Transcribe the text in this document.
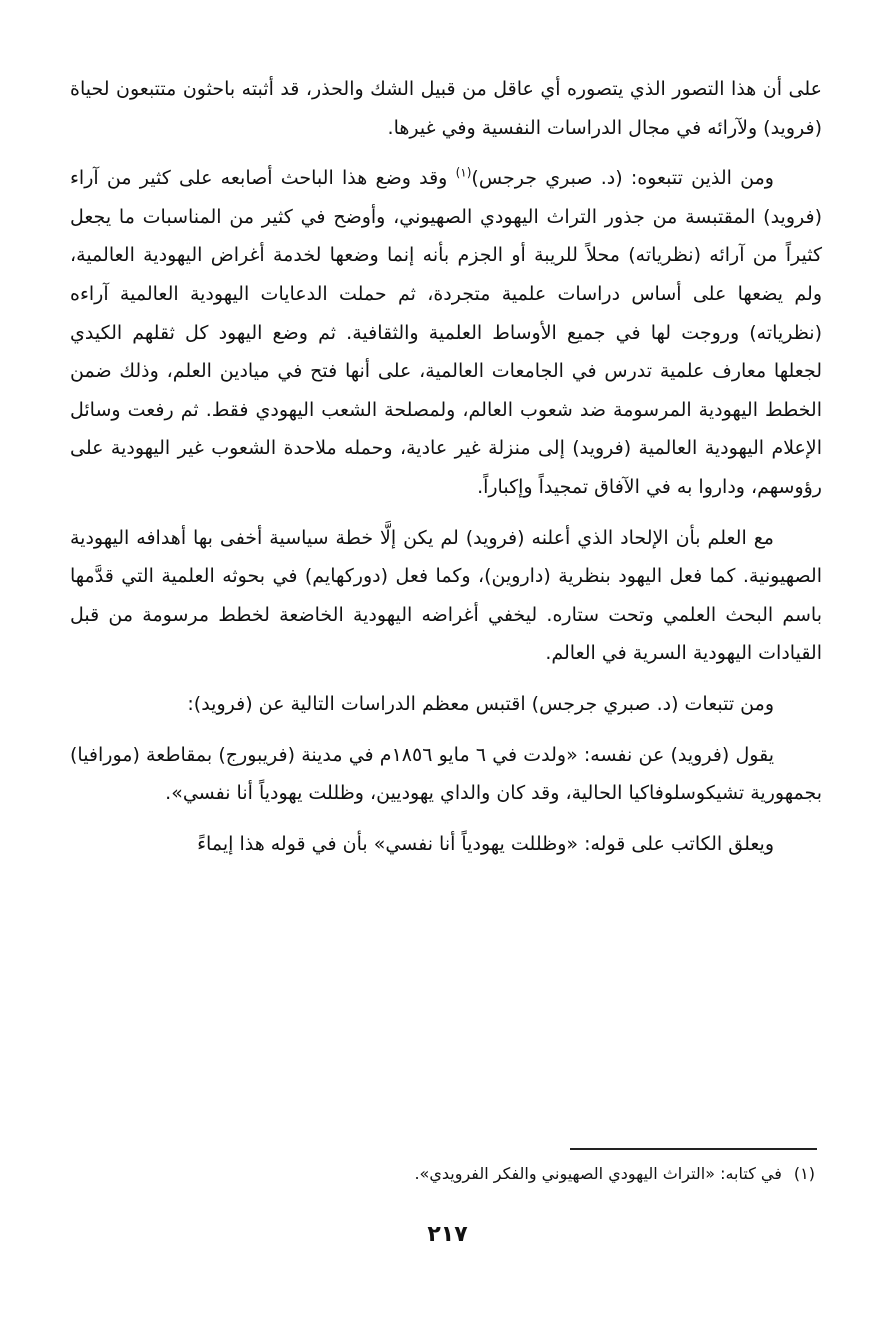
على أن هذا التصور الذي يتصوره أي عاقل من قبيل الشك والحذر، قد أثبته باحثون متتبعون لحياة (فرويد) ولآرائه في مجال الدراسات النفسية وفي غيرها.

ومن الذين تتبعوه: (د. صبري جرجس)$^{(١)}$ وقد وضع هذا الباحث أصابعه على كثير من آراء (فرويد) المقتبسة من جذور التراث اليهودي الصهيوني، وأوضح في كثير من المناسبات ما يجعل كثيراً من آرائه (نظرياته) محلاً للريبة أو الجزم بأنه إنما وضعها لخدمة أغراض اليهودية العالمية، ولم يضعها على أساس دراسات علمية متجردة، ثم حملت الدعايات اليهودية العالمية آراءه (نظرياته) وروجت لها في جميع الأوساط العلمية والثقافية. ثم وضع اليهود كل ثقلهم الكيدي لجعلها معارف علمية تدرس في الجامعات العالمية، على أنها فتح في ميادين العلم، وذلك ضمن الخطط اليهودية المرسومة ضد شعوب العالم، ولمصلحة الشعب اليهودي فقط. ثم رفعت وسائل الإعلام اليهودية العالمية (فرويد) إلى منزلة غير عادية، وحمله ملاحدة الشعوب غير اليهودية على رؤوسهم، وداروا به في الآفاق تمجيداً وإكباراً.

مع العلم بأن الإلحاد الذي أعلنه (فرويد) لم يكن إلَّا خطة سياسية أخفى بها أهدافه اليهودية الصهيونية. كما فعل اليهود بنظرية (داروين)، وكما فعل (دوركهايم) في بحوثه العلمية التي قدَّمها باسم البحث العلمي وتحت ستاره. ليخفي أغراضه اليهودية الخاضعة لخطط مرسومة من قبل القيادات اليهودية السرية في العالم.

ومن تتبعات (د. صبري جرجس) اقتبس معظم الدراسات التالية عن (فرويد):

يقول (فرويد) عن نفسه: «ولدت في ٦ مايو ١٨٥٦م في مدينة (فريبورج) بمقاطعة (مورافيا) بجمهورية تشيكوسلوفاكيا الحالية، وقد كان والداي يهوديين، وظللت يهودياً أنا نفسي».

ويعلق الكاتب على قوله: «وظللت يهودياً أنا نفسي» بأن في قوله هذا إيماءً

(١)في كتابه: «التراث اليهودي الصهيوني والفكر الفرويدي».

٢١٧
